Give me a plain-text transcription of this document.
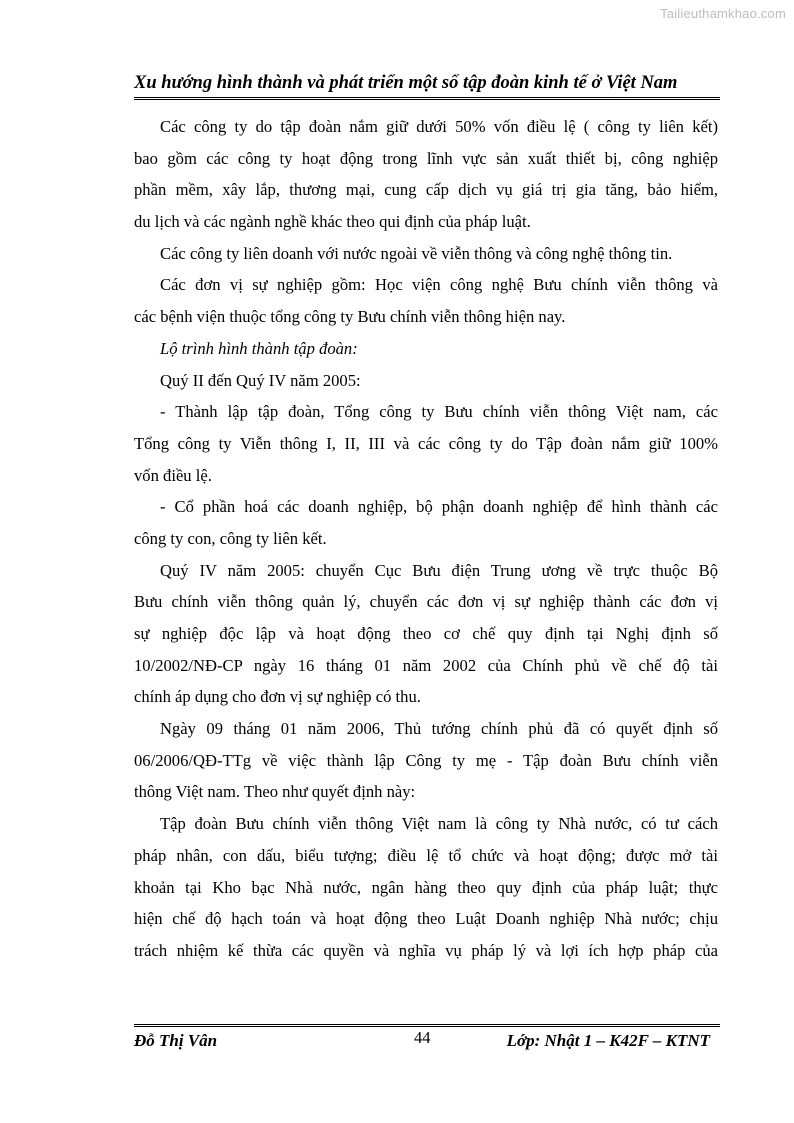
Tailieuthamkhao.com
Xu hướng hình thành và phát triển một số tập đoàn kinh tế ở Việt Nam
Các công ty do tập đoàn nắm giữ dưới 50% vốn điều lệ ( công ty liên kết)
bao gồm các công ty hoạt động trong lĩnh vực sản xuất thiết bị, công nghiệp
phần mềm, xây lắp, thương mại, cung cấp dịch vụ giá trị gia tăng, bảo hiểm,
du lịch và các ngành nghề khác theo qui định của pháp luật.
Các công ty liên doanh với nước ngoài về viễn thông và công nghệ thông tin.
Các đơn vị sự nghiệp gồm: Học viện công nghệ Bưu chính viễn thông và
các bệnh viện thuộc tổng công ty Bưu chính viễn thông hiện nay.
Lộ trình hình thành tập đoàn:
Quý II đến Quý IV năm 2005:
- Thành lập tập đoàn, Tổng công ty Bưu chính viễn thông Việt nam, các
Tổng công ty Viễn thông I, II, III và các công ty do Tập đoàn nắm giữ 100%
vốn điều lệ.
- Cổ phần hoá các doanh nghiệp, bộ phận doanh nghiệp để hình thành các
công ty con, công ty liên kết.
Quý IV năm 2005: chuyển Cục Bưu điện Trung ương về trực thuộc Bộ
Bưu chính viễn thông quản lý, chuyển các đơn vị sự nghiệp thành các đơn vị
sự nghiệp độc lập và hoạt động theo cơ chế quy định tại Nghị định số
10/2002/NĐ-CP ngày 16 tháng 01 năm 2002 của Chính phủ về chế độ tài
chính áp dụng cho đơn vị sự nghiệp có thu.
Ngày 09 tháng 01 năm 2006, Thủ tướng chính phủ đã có quyết định số
06/2006/QĐ-TTg về việc thành lập Công ty mẹ - Tập đoàn Bưu chính viễn
thông Việt nam. Theo như quyết định này:
Tập đoàn Bưu chính viễn thông Việt nam là công ty Nhà nước, có tư cách
pháp nhân, con dấu, biểu tượng; điều lệ tổ chức và hoạt động; được mở tài
khoản tại Kho bạc Nhà nước, ngân hàng theo quy định của pháp luật; thực
hiện chế độ hạch toán và hoạt động theo Luật Doanh nghiệp Nhà nước; chịu
trách nhiệm kế thừa các quyền và nghĩa vụ pháp lý và lợi ích hợp pháp của
Đỗ Thị Vân	44	Lớp: Nhật 1 – K42F – KTNT
